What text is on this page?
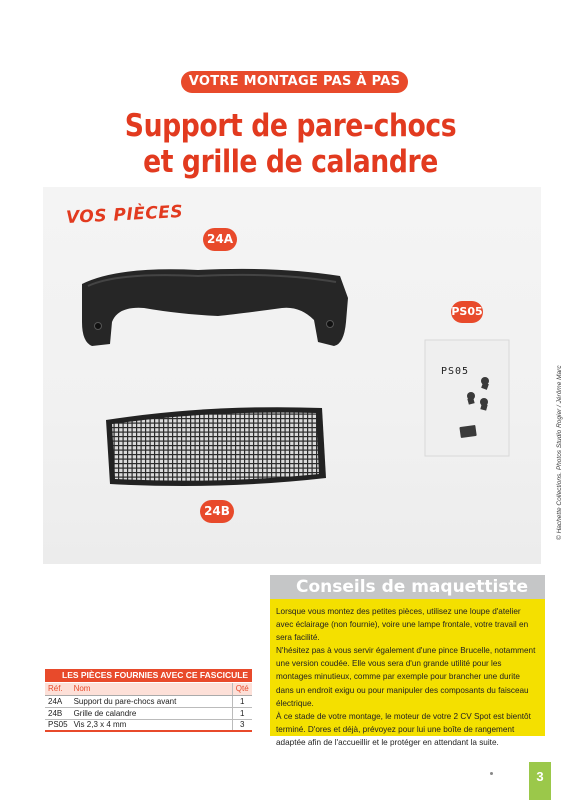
VOTRE MONTAGE PAS À PAS
Support de pare-chocs
et grille de calandre
VOS PIÈCES
24A
PS05
PS05
24B	© Hachette Collections. Photos Studio Rogier / Jérôme Marc
Conseils de maquettiste

Lorsque vous montez des petites pièces, utilisez une loupe d'atelier avec éclairage (non fournie), voire une lampe frontale, votre travail en sera facilité.

N'hésitez pas à vous servir également d'une pince Brucelle, notamment une version coudée. Elle vous sera d'un grande utilité pour les montages minutieux, comme par exemple pour brancher une durite dans un endroit exigu ou pour manipuler des composants du faisceau électrique.

À ce stade de votre montage, le moteur de votre 2 CV Spot est bientôt terminé. D'ores et déjà, prévoyez pour lui une boîte de rangement adaptée afin de l'accueillir et le protéger en attendant la suite.

LES PIÈCES FOURNIES AVEC CE FASCICULE
Réf.	Nom	Qté
24A	Support du pare-chocs avant	1
24B	Grille de calandre	1
PS05	Vis 2,3 x 4 mm	3
3
